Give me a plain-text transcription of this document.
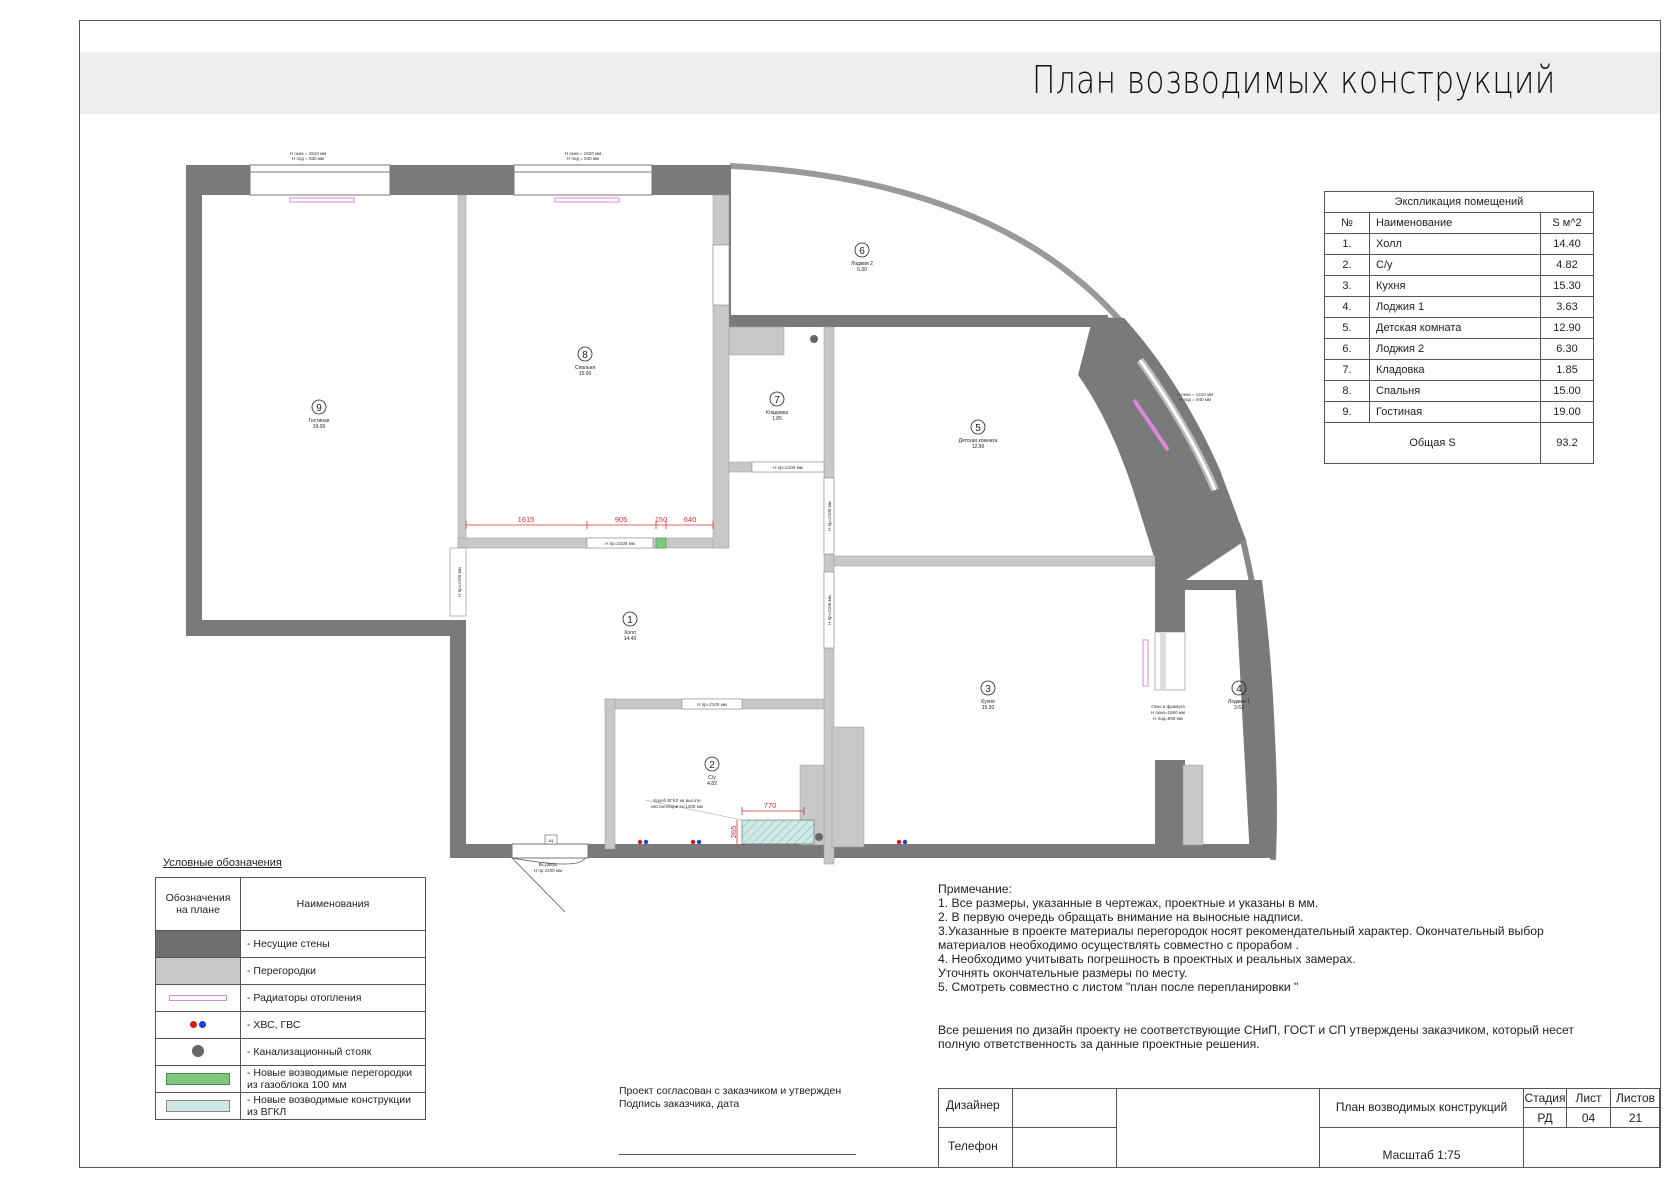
План возводимых конструкций
Щ
1615	905	150 640
770
265
Н окна = 1510 мм
Н под = 830 мм
Н окна = 1520 мм
Н под = 840 мм
Н окна = 1410 мм
Н под = 940 мм
Н пр=2100 мм
Н пр=2100 мм
Н пр=2100 мм
Н пр=2100 мм
Н пр=2100 мм
Н пр=2100 мм
Вх.дверь
Н пр 2100 мм
Окно и фрамуга
Н окна=1660 мм
Н под=900 мм
Короб ВГКЛ на высоте
инсталляции Н=1200 мм
1
Холл
14.40
2
С/у
4.82
3
Кухня
15.30
4
Лоджия 1
3.63
5
Детская комната
12.90
6
Лоджия 2
6.30
7
Кладовка
1.85
8
Спальня
15.00
9
Гостиная
19.00
Экспликация помещений		
№	Наименование	S м^2
1.	Холл	14.40
2.	С/у	4.82
3.	Кухня	15.30
4.	Лоджия 1	3.63
5.	Детская комната	12.90
6.	Лоджия 2	6.30
7.	Кладовка	1.85
8.	Спальня	15.00
9.	Гостиная	19.00
Общая S		93.2
Условные обозначения
Обозначения на плане	Наименования
	- Несущие стены
	- Перегородки

	- Радиаторы отопления
	- ХВС, ГВС
	- Канализационный стояк

	- Новые возводимые перегородки из газоблока 100 мм

	- Новые возводимые конструкции из ВГКЛ
Примечание:
1. Все размеры, указанные в чертежах, проектные и указаны в мм.
2. В первую очередь обращать внимание на выносные надписи.
3.Указанные в проекте материалы перегородок носят рекомендательный характер. Окончательный выбор
материалов необходимо осуществлять совместно с прорабом .
4. Необходимо учитывать погрешность в проектных и реальных замерах.
Уточнять окончательные размеры по месту.
5. Смотреть совместно с листом "план после перепланировки "
Все решения по дизайн проекту не соответствующие СНиП, ГОСТ и СП утверждены заказчиком, который несет
полную ответственность за данные проектные решения.
Проект согласован с заказчиком и утвержден
Подпись заказчика, дата	Дизайнер
Телефон
План возводимых конструкций
Масштаб 1:75
Стадия Лист	Листов
РД	04	21
